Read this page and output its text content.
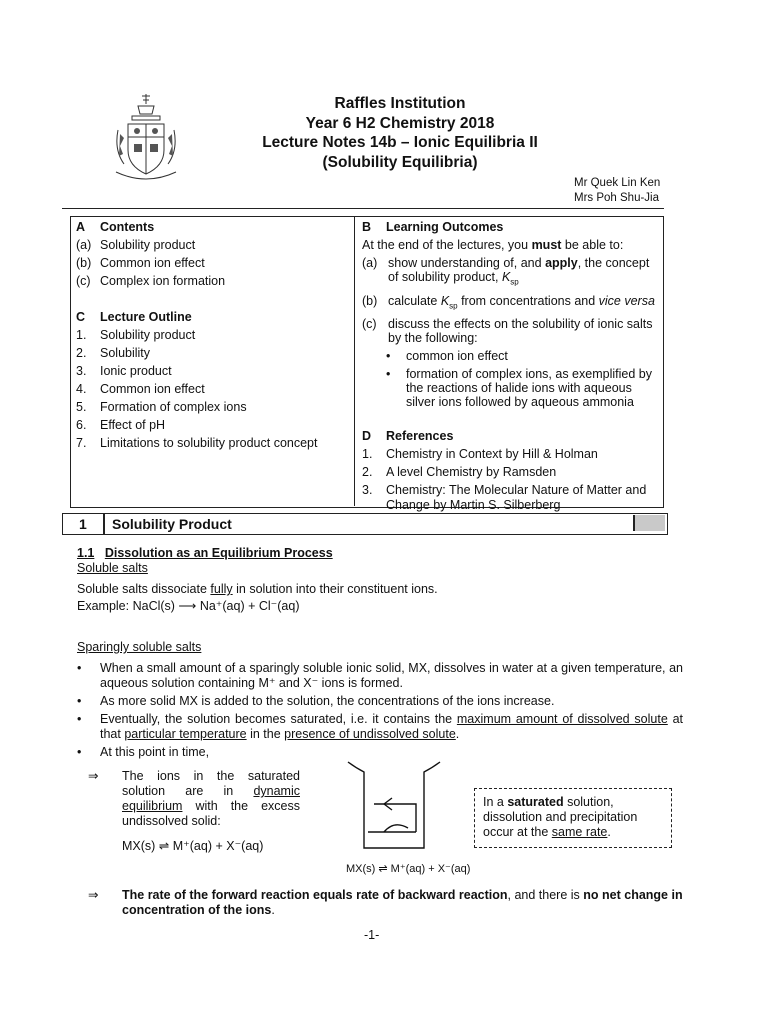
Raffles Institution
Year 6 H2 Chemistry 2018
Lecture Notes 14b – Ionic Equilibria II
(Solubility Equilibria)
Mr Quek Lin Ken
Mrs Poh Shu-Jia
A	Contents
(a) Solubility product
(b) Common ion effect
(c) Complex ion formation
C	Lecture Outline
1.	Solubility product
2.	Solubility
3.	Ionic product
4.	Common ion effect
5.	Formation of complex ions
6.	Effect of pH
7.	Limitations to solubility product concept
B	Learning Outcomes
At the end of the lectures, you must be able to:
(a) show understanding of, and apply, the concept of solubility product, $K_{sp}$
(b) calculate $K_{sp}$ from concentrations and vice versa
(c) discuss the effects on the solubility of ionic salts by the following:
•	common ion effect
•	formation of complex ions, as exemplified by the reactions of halide ions with aqueous silver ions followed by aqueous ammonia
D	References
1.	Chemistry in Context by Hill & Holman
2.	A level Chemistry by Ramsden
3.	Chemistry: The Molecular Nature of Matter and Change by Martin S. Silberberg
1 Solubility Product
1.1 Dissolution as an Equilibrium Process
Soluble salts
Soluble salts dissociate fully in solution into their constituent ions.
Example: NaCl(s) ⟶ Na⁺(aq) + Cl⁻(aq)
Sparingly soluble salts
•	When a small amount of a sparingly soluble ionic solid, MX, dissolves in water at a given temperature, an aqueous solution containing M⁺ and X⁻ ions is formed.
•	As more solid MX is added to the solution, the concentrations of the ions increase.
•	Eventually, the solution becomes saturated, i.e. it contains the maximum amount of dissolved solute at that particular temperature in the presence of undissolved solute.
•	At this point in time,
⇒ The ions in the saturated solution are in dynamic equilibrium with the excess undissolved solid:
MX(s) ⇌ M⁺(aq) + X⁻(aq)
MX(s) ⇌ M⁺(aq) + X⁻(aq)
In a saturated solution, dissolution and precipitation occur at the same rate.
⇒ The rate of the forward reaction equals rate of backward reaction, and there is no net change in concentration of the ions.
-1-
